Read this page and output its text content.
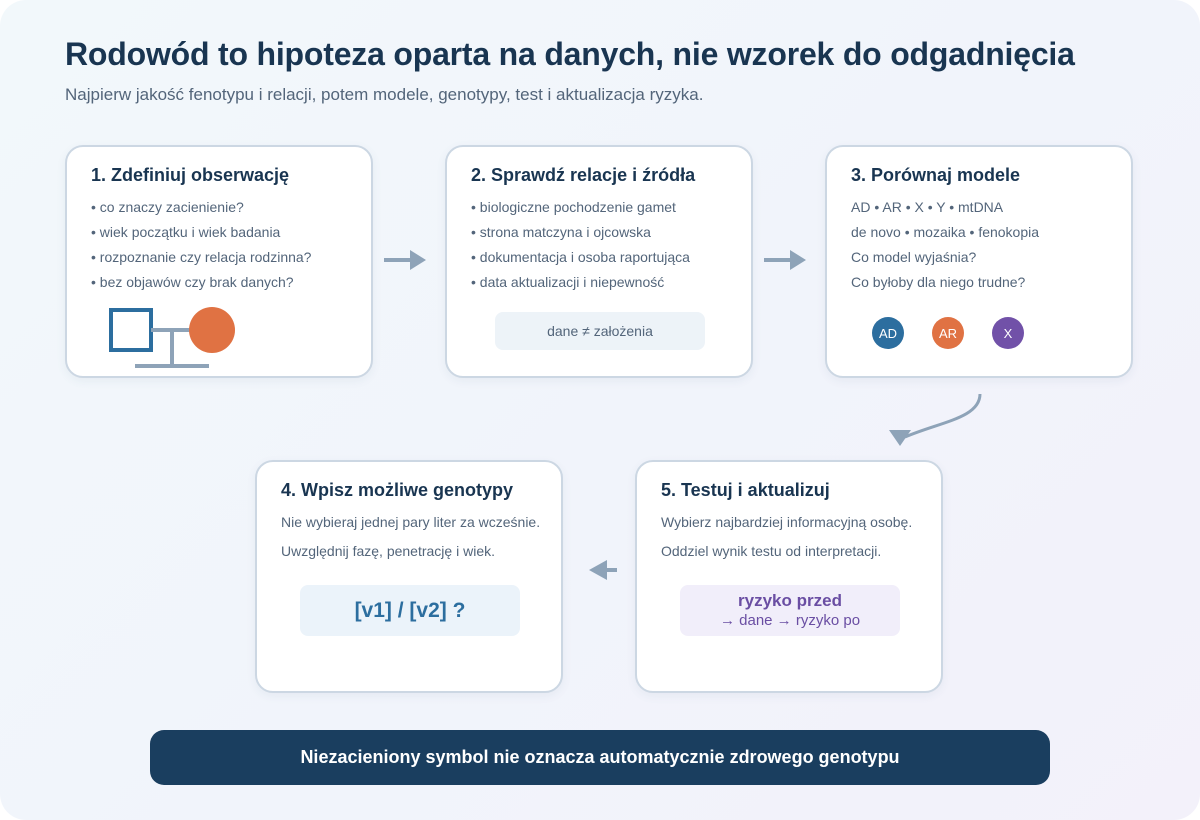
Rodowód to hipoteza oparta na danych, nie wzorek do odgadnięcia
Najpierw jakość fenotypu i relacji, potem modele, genotypy, test i aktualizacja ryzyka.
1. Zdefiniuj obserwację
• co znaczy zacienienie?
• wiek początku i wiek badania
• rozpoznanie czy relacja rodzinna?
• bez objawów czy brak danych?
2. Sprawdź relacje i źródła
• biologiczne pochodzenie gamet
• strona matczyna i ojcowska
• dokumentacja i osoba raportująca
• data aktualizacji i niepewność
dane ≠ założenia
3. Porównaj modele
AD • AR • X • Y • mtDNA
de novo • mozaika • fenokopia
Co model wyjaśnia?
Co byłoby dla niego trudne?
AD	AR	X
4. Wpisz możliwe genotypy
Nie wybieraj jednej pary liter za wcześnie.
Uwzględnij fazę, penetrację i wiek.
[v1] / [v2] ?
5. Testuj i aktualizuj
Wybierz najbardziej informacyjną osobę.
Oddziel wynik testu od interpretacji.
ryzyko przed
→ dane → ryzyko po
Niezacieniony symbol nie oznacza automatycznie zdrowego genotypu
